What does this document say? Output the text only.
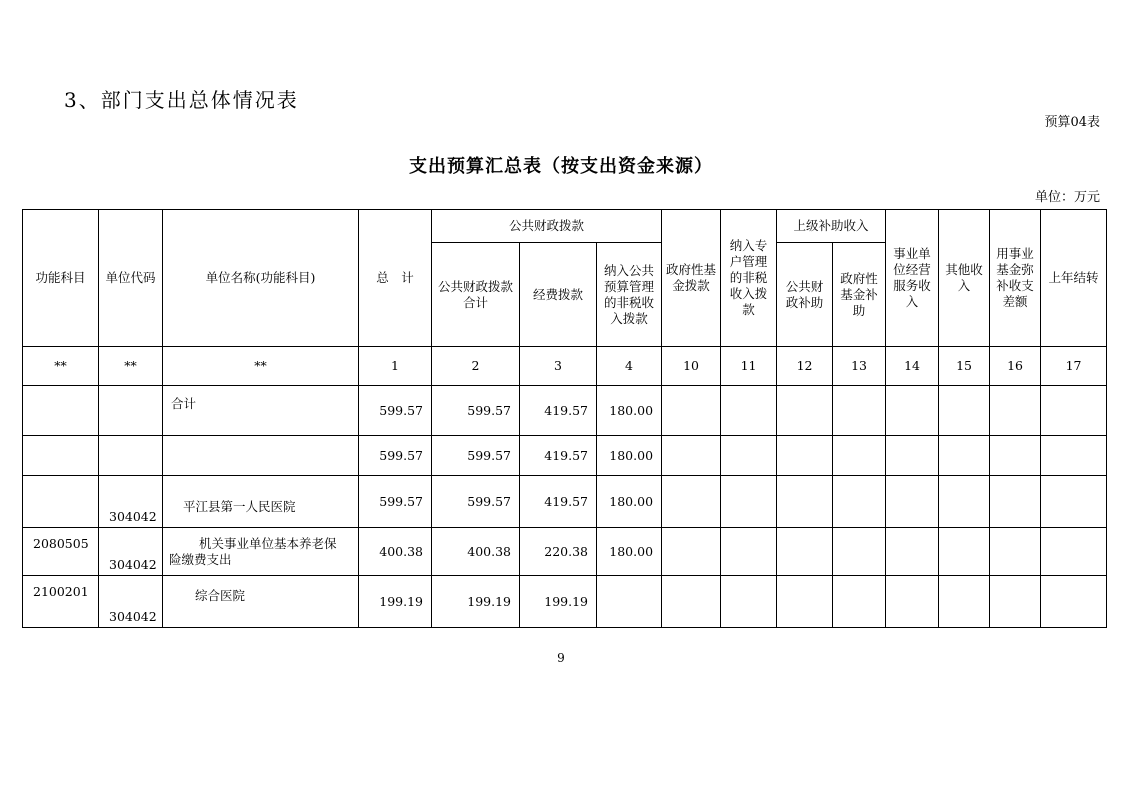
3、部门支出总体情况表
预算04表
支出预算汇总表（按支出资金来源）
单位：万元
功能科目	单位代码	单位名称(功能科目)	总　计	公共财政拨款			政府性基金拨款	纳入专户管理的非税收入拨款	上级补助收入		事业单位经营服务收入	其他收入	用事业基金弥补收支差额	上年结转
				公共财政拨款合计	经费拨款	纳入公共预算管理的非税收入拨款			公共财政补助	政府性基金补助				
**	**	**	1	2	3	4	10	11	12	13	14	15	16	17
		合计	599.57	599.57	419.57	180.00								
			599.57	599.57	419.57	180.00								
	304042	平江县第一人民医院	599.57	599.57	419.57	180.00								
2080505	304042	机关事业单位基本养老保
险缴费支出	400.38	400.38	220.38	180.00								
2100201	304042	综合医院	199.19	199.19	199.19									
9
